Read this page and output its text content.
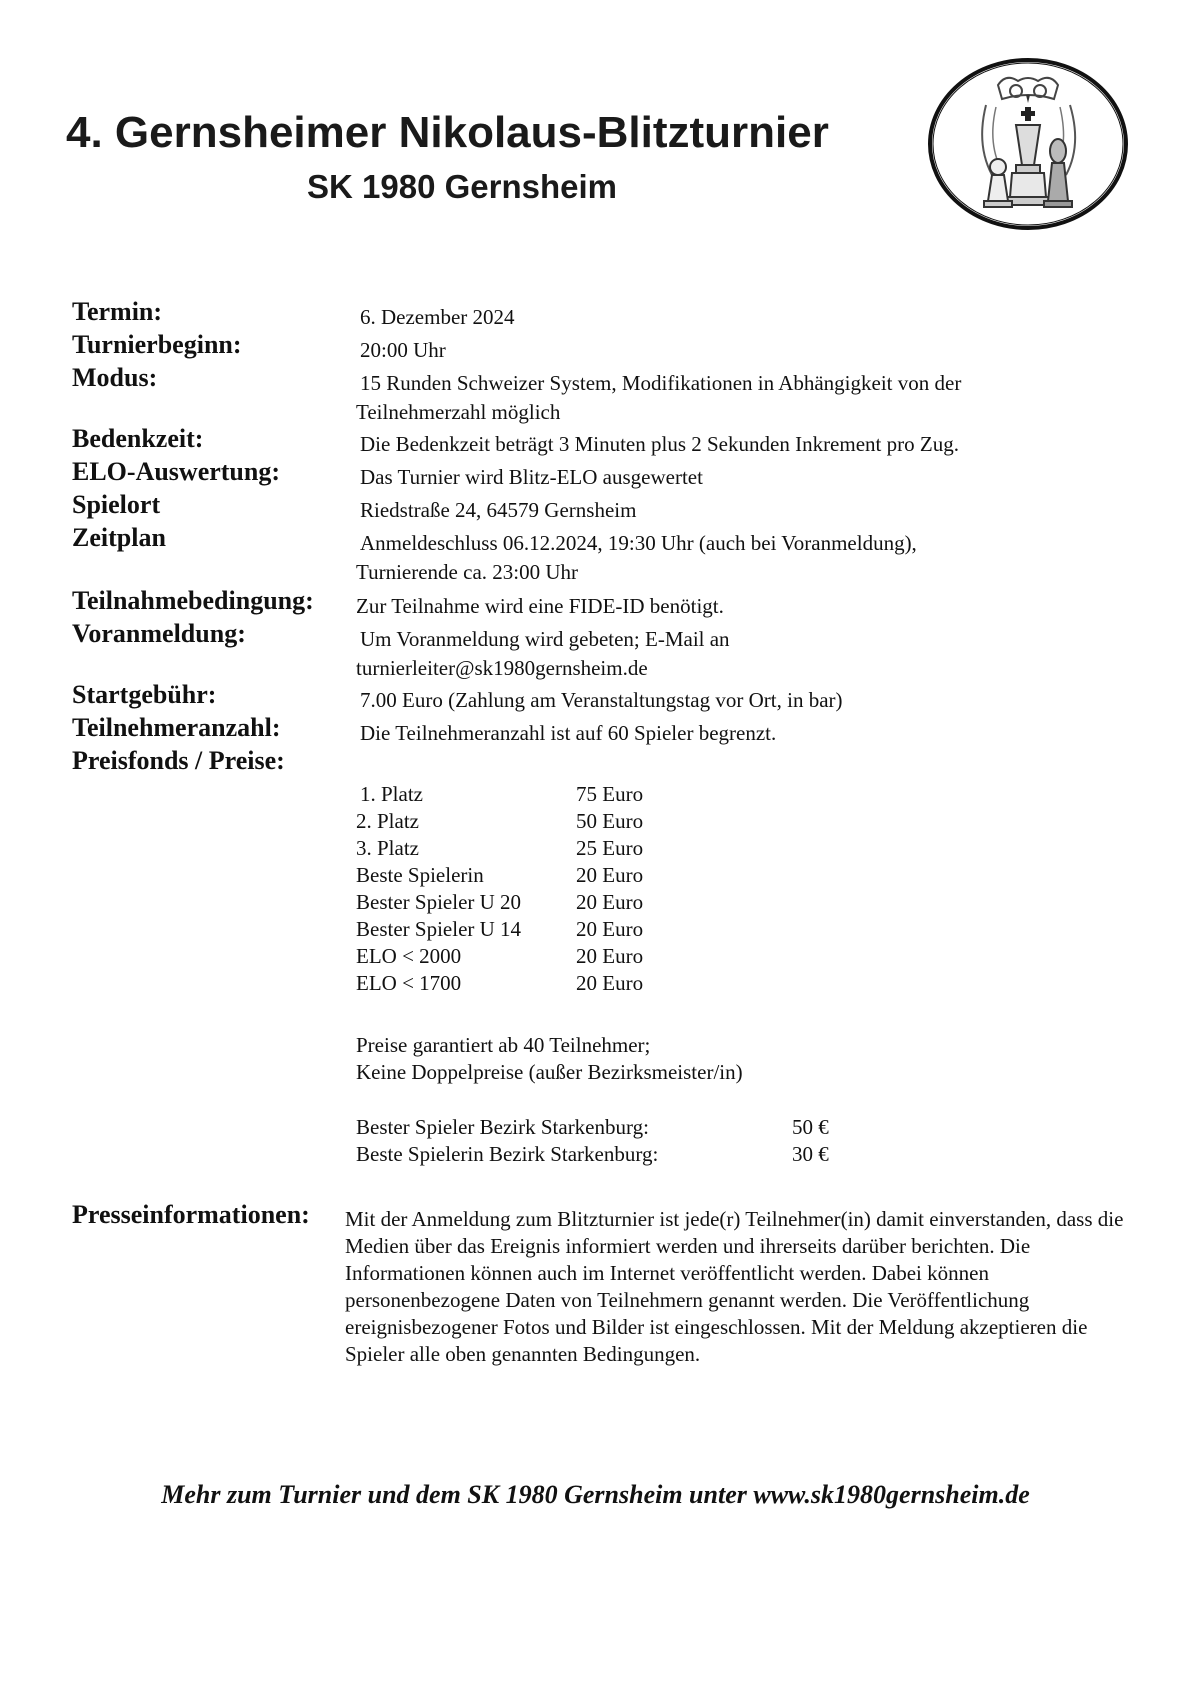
4. Gernsheimer Nikolaus-Blitzturnier
SK 1980 Gernsheim
Termin:	6. Dezember 2024
Turnierbeginn:	20:00 Uhr
Modus:	15 Runden Schweizer System, Modifikationen in Abhängigkeit von der
Teilnehmerzahl möglich
Bedenkzeit:	Die Bedenkzeit beträgt 3 Minuten plus 2 Sekunden Inkrement pro Zug.
ELO-Auswertung:	Das Turnier wird Blitz-ELO ausgewertet
Spielort	Riedstraße 24, 64579 Gernsheim
Zeitplan	Anmeldeschluss 06.12.2024, 19:30 Uhr (auch bei Voranmeldung),
Turnierende ca. 23:00 Uhr
Teilnahmebedingung: Zur Teilnahme wird eine FIDE-ID benötigt.
Voranmeldung:	Um Voranmeldung wird gebeten; E-Mail an
turnierleiter@sk1980gernsheim.de
Startgebühr:	7.00 Euro (Zahlung am Veranstaltungstag vor Ort, in bar)
Teilnehmeranzahl:	Die Teilnehmeranzahl ist auf 60 Spieler begrenzt.
Preisfonds / Preise:
1. Platz	75 Euro
2. Platz	50 Euro
3. Platz	25 Euro
Beste Spielerin	20 Euro
Bester Spieler U 20	20 Euro
Bester Spieler U 14	20 Euro
ELO < 2000	20 Euro
ELO < 1700	20 Euro
Preise garantiert ab 40 Teilnehmer;
Keine Doppelpreise (außer Bezirksmeister/in)
Bester Spieler Bezirk Starkenburg:	50 €
Beste Spielerin Bezirk Starkenburg:	30 €
Presseinformationen: Mit der Anmeldung zum Blitzturnier ist jede(r) Teilnehmer(in) damit einverstanden, dass die Medien über das Ereignis informiert werden und ihrerseits darüber berichten. Die Informationen können auch im Internet veröffentlicht werden. Dabei können personenbezogene Daten von Teilnehmern genannt werden. Die Veröffentlichung ereignisbezogener Fotos und Bilder ist eingeschlossen. Mit der Meldung akzeptieren die Spieler alle oben genannten Bedingungen.
Mehr zum Turnier und dem SK 1980 Gernsheim unter www.sk1980gernsheim.de
